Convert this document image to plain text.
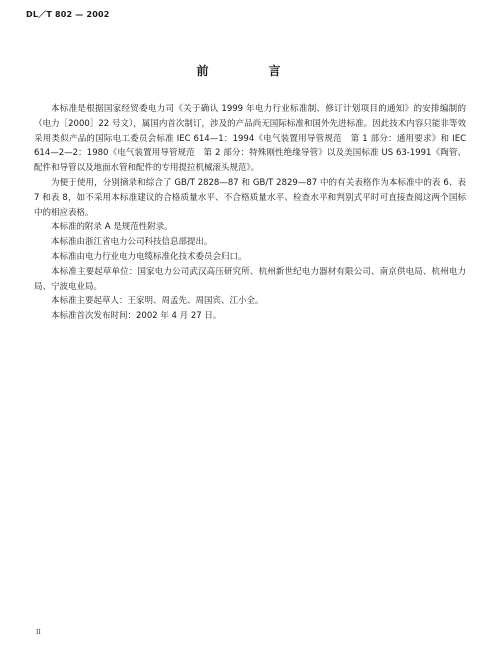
DL／T 802 — 2002
前　言

本标准是根据国家经贸委电力司《关于确认 1999 年电力行业标准制、修订计划项目的通知》的安排编制的（电力［2000］22 号文），属国内首次制订，涉及的产品尚无国际标准和国外先进标准。因此技术内容只能非等效采用类似产品的国际电工委员会标准 IEC 614—1：1994《电气装置用导管规范　第 1 部分：通用要求》和 IEC 614—2—2：1980《电气装置用导管规范　第 2 部分：特殊刚性绝缘导管》以及美国标准 US 63-1991《陶管、配件和导管以及地面水管和配件的专用提拉机械滚头规范》。

为便于使用，分别摘录和综合了 GB/T 2828—87 和 GB/T 2829—87 中的有关表格作为本标准中的表 6、表 7 和表 8，如不采用本标准建议的合格质量水平、不合格质量水平、检查水平和判别式平时可直接查阅这两个国标中的相应表格。

本标准的附录 A 是规范性附录。

本标准由浙江省电力公司科技信息部提出。

本标准由电力行业电力电缆标准化技术委员会归口。

本标准主要起草单位：国家电力公司武汉高压研究所、杭州新世纪电力器材有限公司、南京供电局、杭州电力局、宁波电业局。

本标准主要起草人：王家明、周孟先、周国宾、江小全。

本标准首次发布时间：2002 年 4 月 27 日。

II
